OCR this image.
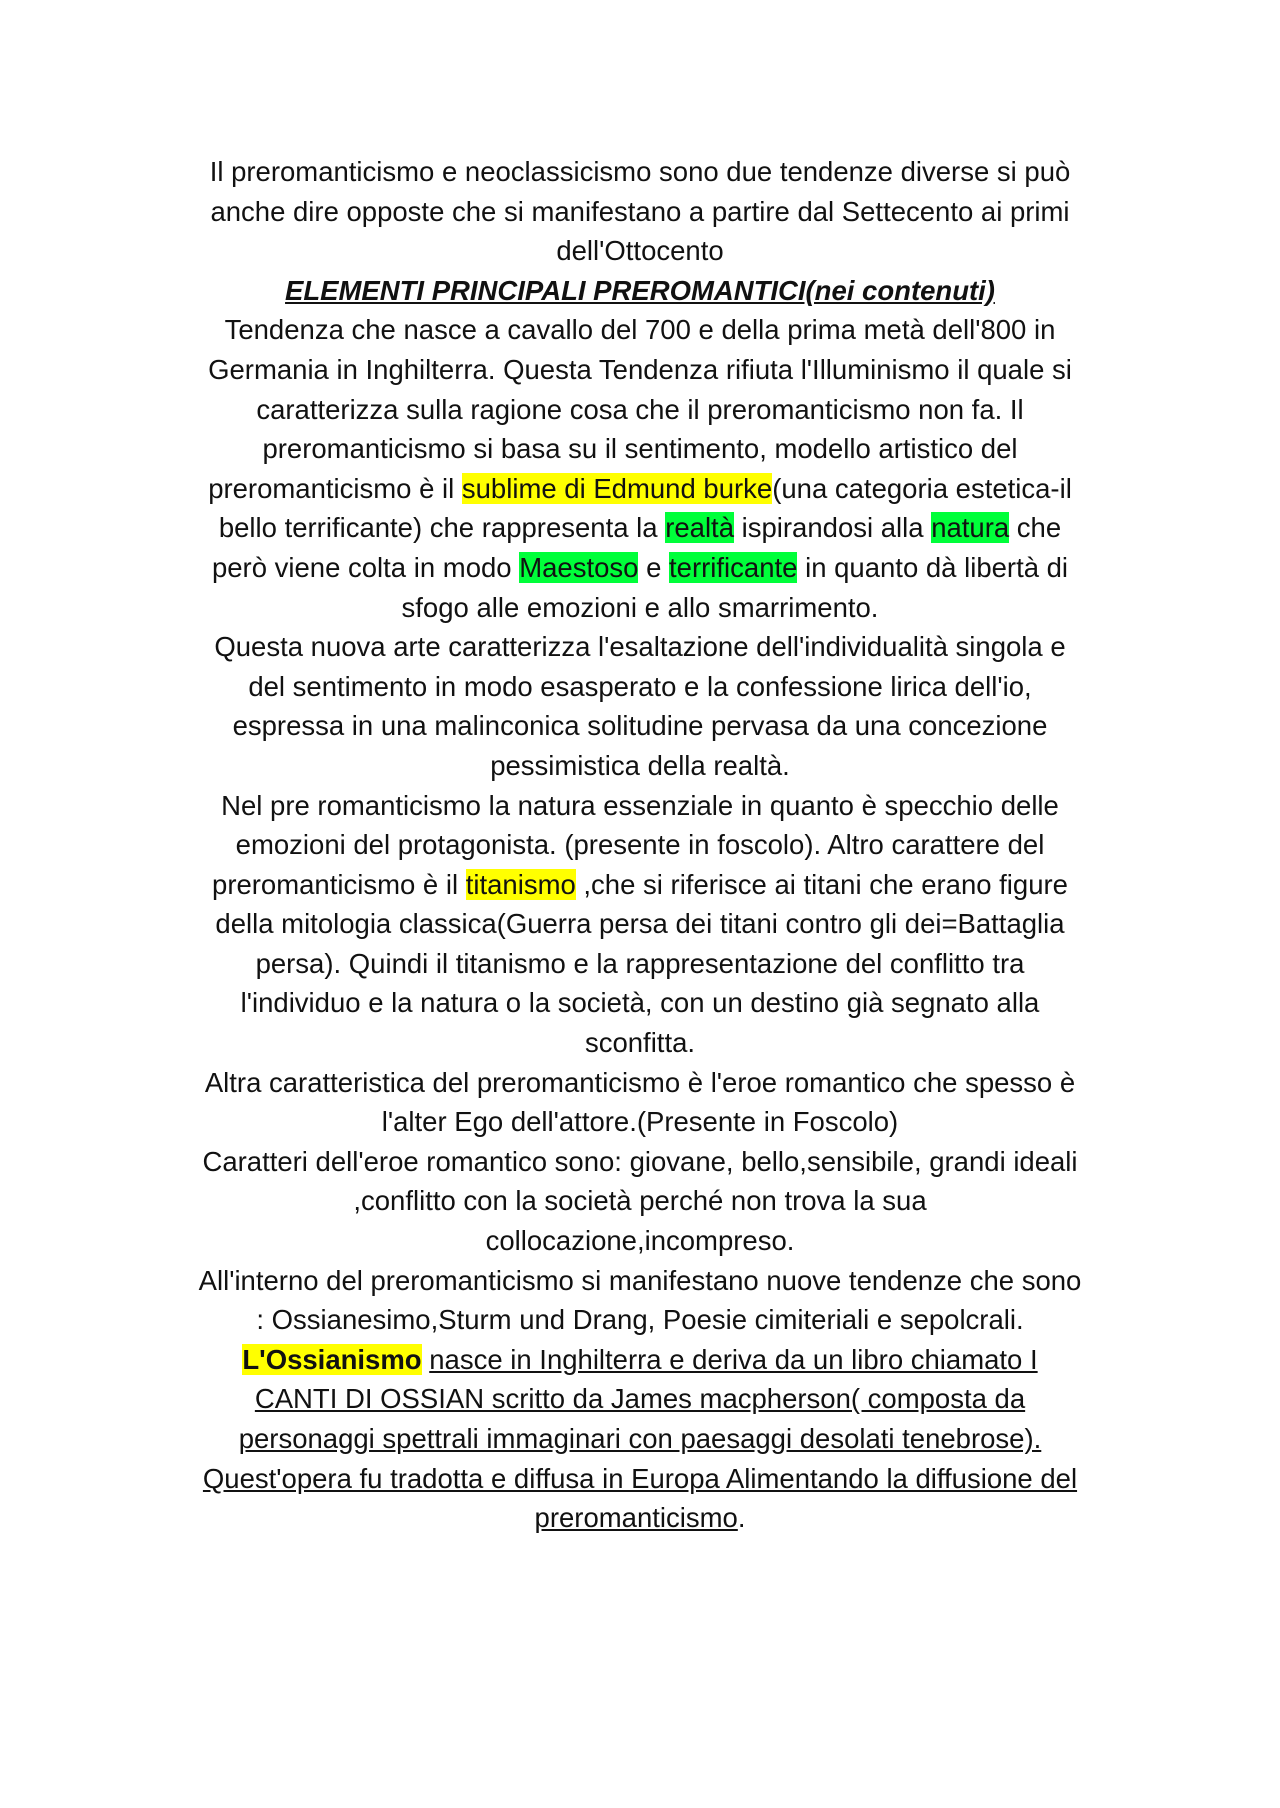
Il preromanticismo e neoclassicismo sono due tendenze diverse si può
anche dire opposte che si manifestano a partire dal Settecento ai primi
dell'Ottocento
ELEMENTI PRINCIPALI PREROMANTICI(nei contenuti)
Tendenza che nasce a cavallo del 700 e della prima metà dell'800 in
Germania in Inghilterra. Questa Tendenza rifiuta l'Illuminismo il quale si
caratterizza sulla ragione cosa che il preromanticismo non fa. Il
preromanticismo si basa su il sentimento, modello artistico del
preromanticismo è il sublime di Edmund burke(una categoria estetica-il
bello terrificante) che rappresenta la realtà ispirandosi alla natura che
però viene colta in modo Maestoso e terrificante in quanto dà libertà di
sfogo alle emozioni e allo smarrimento.
Questa nuova arte caratterizza l'esaltazione dell'individualità singola e
del sentimento in modo esasperato e la confessione lirica dell'io,
espressa in una malinconica solitudine pervasa da una concezione
pessimistica della realtà.
Nel pre romanticismo la natura essenziale in quanto è specchio delle
emozioni del protagonista. (presente in foscolo). Altro carattere del
preromanticismo è il titanismo ,che si riferisce ai titani che erano figure
della mitologia classica(Guerra persa dei titani contro gli dei=Battaglia
persa). Quindi il titanismo e la rappresentazione del conflitto tra
l'individuo e la natura o la società, con un destino già segnato alla
sconfitta.
Altra caratteristica del preromanticismo è l'eroe romantico che spesso è
l'alter Ego dell'attore.(Presente in Foscolo)
Caratteri dell'eroe romantico sono: giovane, bello,sensibile, grandi ideali
,conflitto con la società perché non trova la sua
collocazione,incompreso.
All'interno del preromanticismo si manifestano nuove tendenze che sono
: Ossianesimo,Sturm und Drang, Poesie cimiteriali e sepolcrali.
L'Ossianismo nasce in Inghilterra e deriva da un libro chiamato I
CANTI DI OSSIAN scritto da James macpherson( composta da
personaggi spettrali immaginari con paesaggi desolati tenebrose).
Quest'opera fu tradotta e diffusa in Europa Alimentando la diffusione del
preromanticismo.
